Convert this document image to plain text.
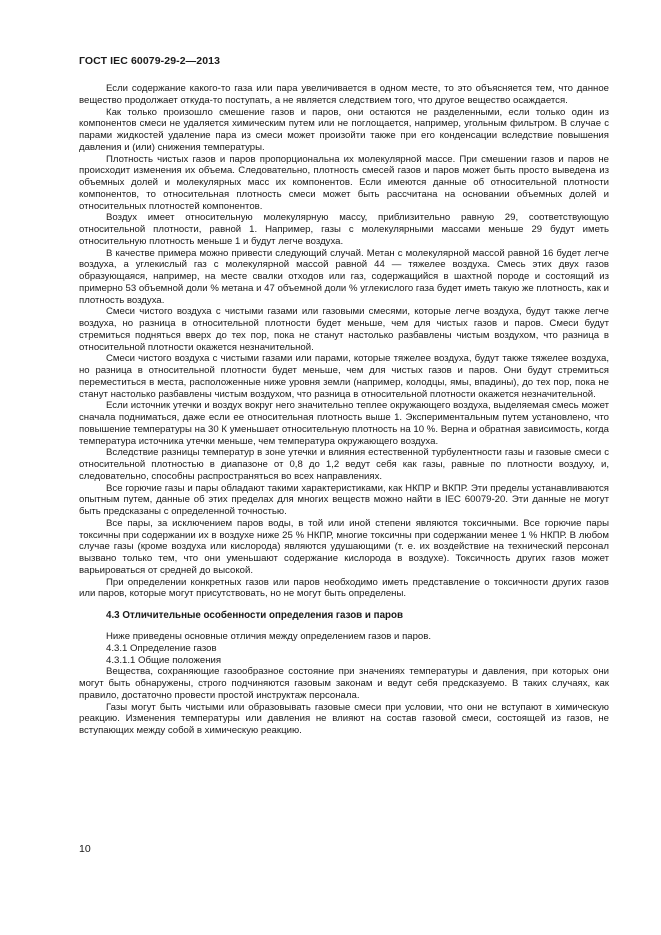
ГОСТ IEC 60079-29-2—2013

Если содержание какого-то газа или пара увеличивается в одном месте, то это объясняется тем, что данное вещество продолжает откуда-то поступать, а не является следствием того, что другое вещество осаждается.

Как только произошло смешение газов и паров, они остаются не разделенными, если только один из компонентов смеси не удаляется химическим путем или не поглощается, например, угольным фильтром. В случае с парами жидкостей удаление пара из смеси может произойти также при его конденсации вследствие повышения давления и (или) снижения температуры.

Плотность чистых газов и паров пропорциональна их молекулярной массе. При смешении газов и паров не происходит изменения их объема. Следовательно, плотность смесей газов и паров может быть просто выведена из объемных долей и молекулярных масс их компонентов. Если имеются данные об относительной плотности компонентов, то относительная плотность смеси может быть рассчитана на основании объемных долей и относительных плотностей компонентов.

Воздух имеет относительную молекулярную массу, приблизительно равную 29, соответствующую относительной плотности, равной 1. Например, газы с молекулярными массами меньше 29 будут иметь относительную плотность меньше 1 и будут легче воздуха.

В качестве примера можно привести следующий случай. Метан с молекулярной массой равной 16 будет легче воздуха, а углекислый газ с молекулярной массой равной 44 — тяжелее воздуха. Смесь этих двух газов образующаяся, например, на месте свалки отходов или газ, содержащийся в шахтной породе и состоящий из примерно 53 объемной доли % метана и 47 объемной доли % углекислого газа будет иметь такую же плотность, как и плотность воздуха.

Смеси чистого воздуха с чистыми газами или газовыми смесями, которые легче воздуха, будут также легче воздуха, но разница в относительной плотности будет меньше, чем для чистых газов и паров. Смеси будут стремиться подняться вверх до тех пор, пока не станут настолько разбавлены чистым воздухом, что разница в относительной плотности окажется незначительной.

Смеси чистого воздуха с чистыми газами или парами, которые тяжелее воздуха, будут также тяжелее воздуха, но разница в относительной плотности будет меньше, чем для чистых газов и паров. Они будут стремиться переместиться в места, расположенные ниже уровня земли (например, колодцы, ямы, впадины), до тех пор, пока не станут настолько разбавлены чистым воздухом, что разница в относительной плотности окажется незначительной.

Если источник утечки и воздух вокруг него значительно теплее окружающего воздуха, выделяемая смесь может сначала подниматься, даже если ее относительная плотность выше 1. Экспериментальным путем установлено, что повышение температуры на 30 К уменьшает относительную плотность на 10 %. Верна и обратная зависимость, когда температура источника утечки меньше, чем температура окружающего воздуха.

Вследствие разницы температур в зоне утечки и влияния естественной турбулентности газы и газовые смеси с относительной плотностью в диапазоне от 0,8 до 1,2 ведут себя как газы, равные по плотности воздуху, и, следовательно, способны распространяться во всех направлениях.

Все горючие газы и пары обладают такими характеристиками, как НКПР и ВКПР. Эти пределы устанавливаются опытным путем, данные об этих пределах для многих веществ можно найти в IEC 60079-20. Эти данные не могут быть предсказаны с определенной точностью.

Все пары, за исключением паров воды, в той или иной степени являются токсичными. Все горючие пары токсичны при содержании их в воздухе ниже 25 % НКПР, многие токсичны при содержании менее 1 % НКПР. В любом случае газы (кроме воздуха или кислорода) являются удушающими (т. е. их воздействие на технический персонал вызвано только тем, что они уменьшают содержание кислорода в воздухе). Токсичность других газов может варьироваться от средней до высокой.

При определении конкретных газов или паров необходимо иметь представление о токсичности других газов или паров, которые могут присутствовать, но не могут быть определены.

4.3 Отличительные особенности определения газов и паров

Ниже приведены основные отличия между определением газов и паров.

4.3.1 Определение газов

4.3.1.1 Общие положения

Вещества, сохраняющие газообразное состояние при значениях температуры и давления, при которых они могут быть обнаружены, строго подчиняются газовым законам и ведут себя предсказуемо. В таких случаях, как правило, достаточно провести простой инструктаж персонала.

Газы могут быть чистыми или образовывать газовые смеси при условии, что они не вступают в химическую реакцию. Изменения температуры или давления не влияют на состав газовой смеси, состоящей из газов, не вступающих между собой в химическую реакцию.

10
